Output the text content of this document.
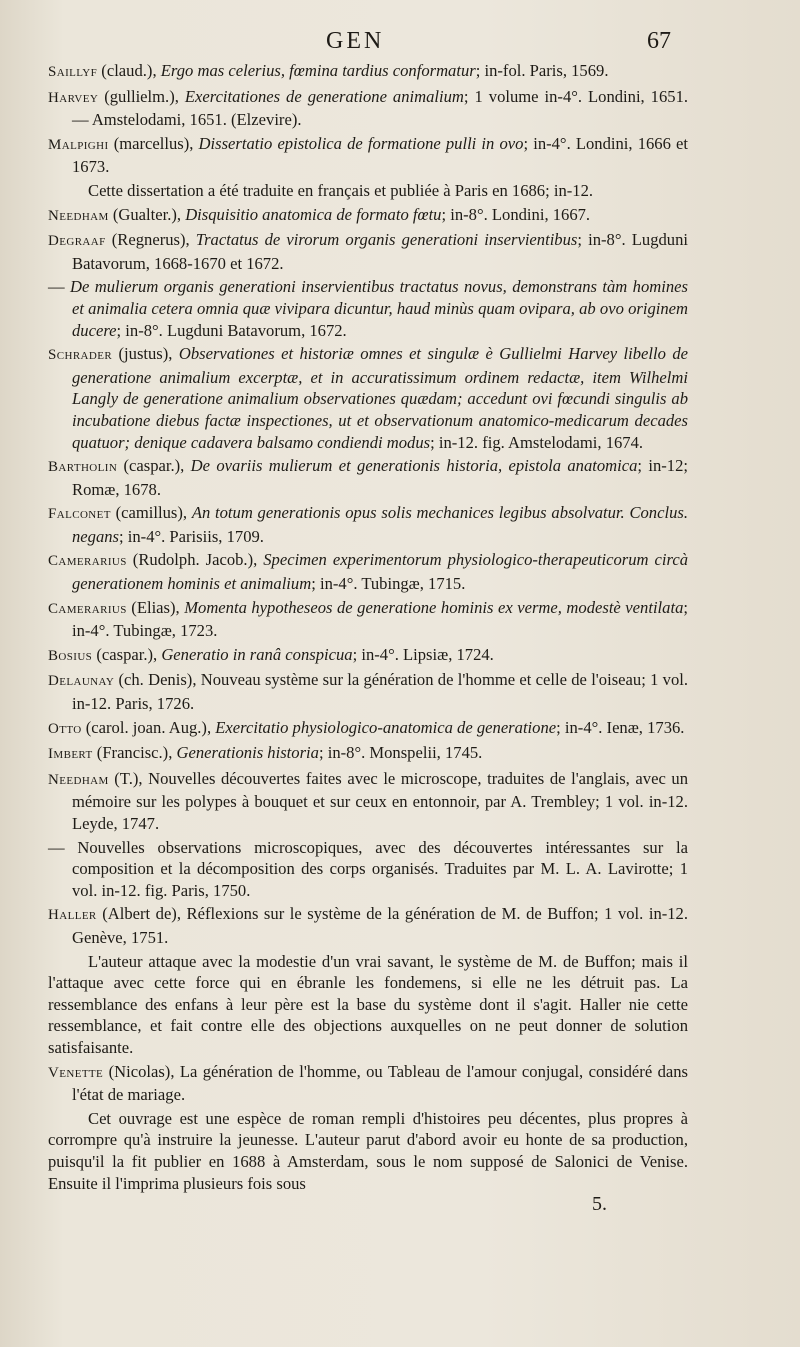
GEN	67

Saillyf (claud.), Ergo mas celerius, fœmina tardius conformatur; in-fol. Paris, 1569.

Harvey (gullielm.), Exercitationes de generatione animalium; 1 volume in-4°. Londini, 1651. — Amstelodami, 1651. (Elzevire).

Malpighi (marcellus), Dissertatio epistolica de formatione pulli in ovo; in-4°. Londini, 1666 et 1673.

Cette dissertation a été traduite en français et publiée à Paris en 1686; in-12.

Needham (Gualter.), Disquisitio anatomica de formato fœtu; in-8°. Londini, 1667.

Degraaf (Regnerus), Tractatus de virorum organis generationi inservientibus; in-8°. Lugduni Batavorum, 1668-1670 et 1672.

— De mulierum organis generationi inservientibus tractatus novus, demonstrans tàm homines et animalia cetera omnia quæ vivipara dicuntur, haud minùs quam ovipara, ab ovo originem ducere; in-8°. Lugduni Batavorum, 1672.

Schrader (justus), Observationes et historiæ omnes et singulæ è Gullielmi Harvey libello de generatione animalium excerptæ, et in accuratissimum ordinem redactæ, item Wilhelmi Langly de generatione animalium observationes quædam; accedunt ovi fœcundi singulis ab incubatione diebus factæ inspectiones, ut et observationum anatomico-medicarum decades quatuor; denique cadavera balsamo condiendi modus; in-12. fig. Amstelodami, 1674.

Bartholin (caspar.), De ovariis mulierum et generationis historia, epistola anatomica; in-12; Romæ, 1678.

Falconet (camillus), An totum generationis opus solis mechanices legibus absolvatur. Conclus. negans; in-4°. Parisiis, 1709.

Camerarius (Rudolph. Jacob.), Specimen experimentorum physiologico-therapeuticorum circà generationem hominis et animalium; in-4°. Tubingæ, 1715.

Camerarius (Elias), Momenta hypotheseos de generatione hominis ex verme, modestè ventilata; in-4°. Tubingæ, 1723.

Bosius (caspar.), Generatio in ranâ conspicua; in-4°. Lipsiæ, 1724.

Delaunay (ch. Denis), Nouveau système sur la génération de l'homme et celle de l'oiseau; 1 vol. in-12. Paris, 1726.

Otto (carol. joan. Aug.), Exercitatio physiologico-anatomica de generatione; in-4°. Ienæ, 1736.

Imbert (Francisc.), Generationis historia; in-8°. Monspelii, 1745.

Needham (T.), Nouvelles découvertes faites avec le microscope, traduites de l'anglais, avec un mémoire sur les polypes à bouquet et sur ceux en entonnoir, par A. Trembley; 1 vol. in-12. Leyde, 1747.

— Nouvelles observations microscopiques, avec des découvertes intéressantes sur la composition et la décomposition des corps organisés. Traduites par M. L. A. Lavirotte; 1 vol. in-12. fig. Paris, 1750.

Haller (Albert de), Réflexions sur le système de la génération de M. de Buffon; 1 vol. in-12. Genève, 1751.

L'auteur attaque avec la modestie d'un vrai savant, le système de M. de Buffon; mais il l'attaque avec cette force qui en ébranle les fondemens, si elle ne les détruit pas. La ressemblance des enfans à leur père est la base du système dont il s'agit. Haller nie cette ressemblance, et fait contre elle des objections auxquelles on ne peut donner de solution satisfaisante.

Venette (Nicolas), La génération de l'homme, ou Tableau de l'amour conjugal, considéré dans l'état de mariage.

Cet ouvrage est une espèce de roman rempli d'histoires peu décentes, plus propres à corrompre qu'à instruire la jeunesse. L'auteur parut d'abord avoir eu honte de sa production, puisqu'il la fit publier en 1688 à Amsterdam, sous le nom supposé de Salonici de Venise. Ensuite il l'imprima plusieurs fois sous

5.
